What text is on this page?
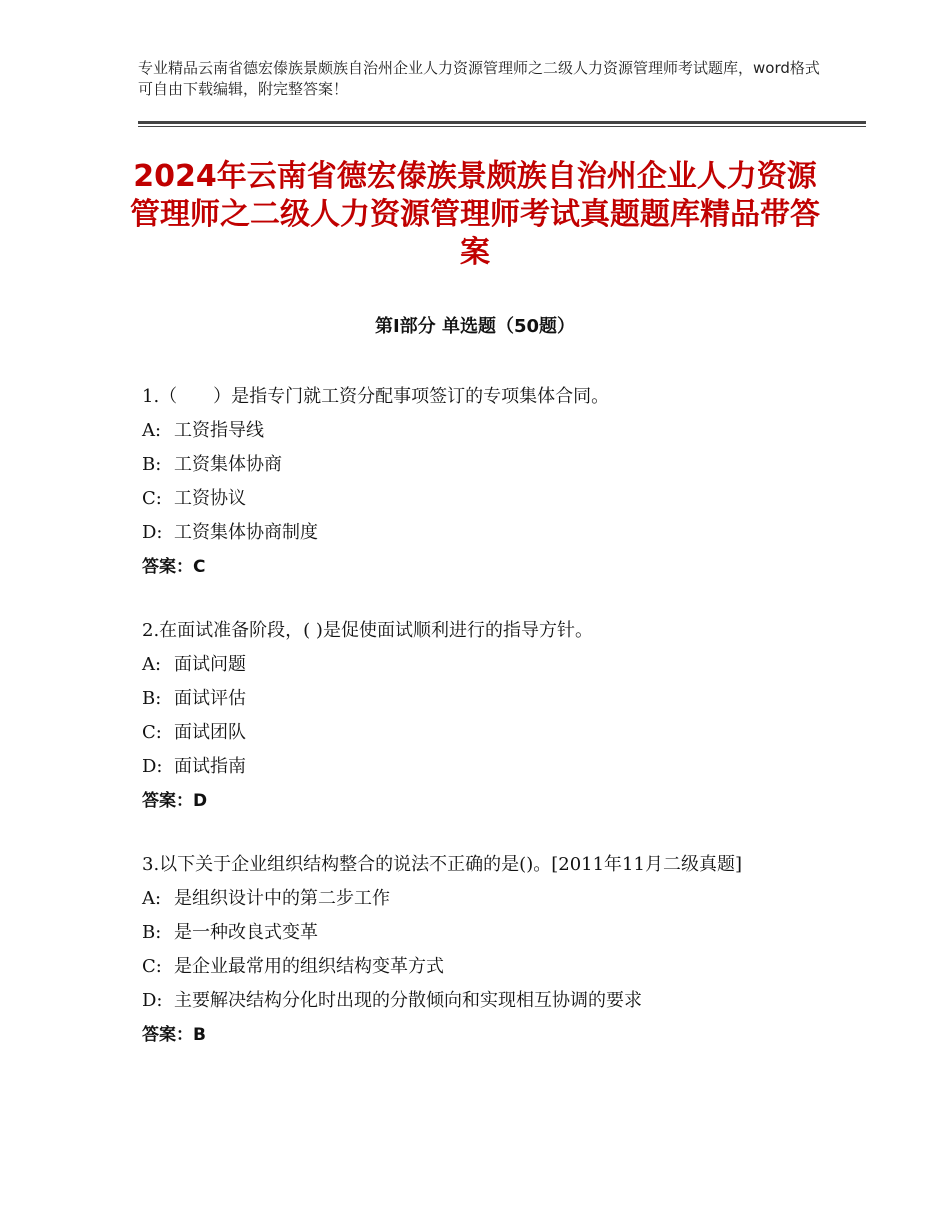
专业精品云南省德宏傣族景颇族自治州企业人力资源管理师之二级人力资源管理师考试题库，word格式可自由下载编辑，附完整答案！
2024年云南省德宏傣族景颇族自治州企业人力资源管理师之二级人力资源管理师考试真题题库精品带答案
第Ⅰ部分 单选题（50题）
1.（　　）是指专门就工资分配事项签订的专项集体合同。
A: 工资指导线
B: 工资集体协商
C: 工资协议
D: 工资集体协商制度
答案：C
2.在面试准备阶段，( )是促使面试顺利进行的指导方针。
A: 面试问题
B: 面试评估
C: 面试团队
D: 面试指南
答案：D
3.以下关于企业组织结构整合的说法不正确的是()。[2011年11月二级真题]
A: 是组织设计中的第二步工作
B: 是一种改良式变革
C: 是企业最常用的组织结构变革方式
D: 主要解决结构分化时出现的分散倾向和实现相互协调的要求
答案：B
